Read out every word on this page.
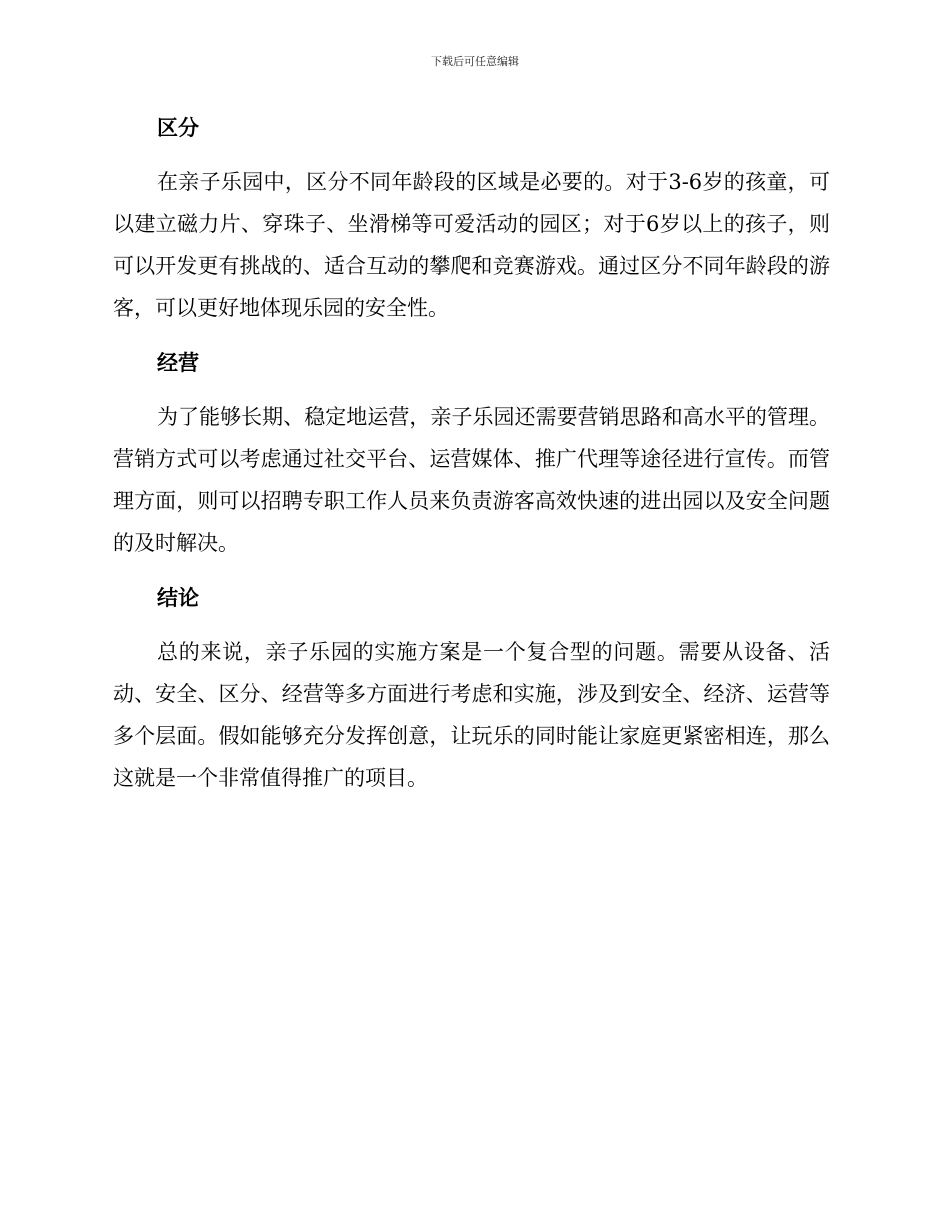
下载后可任意编辑
区分

在亲子乐园中，区分不同年龄段的区域是必要的。对于3-6岁的孩童，可以建立磁力片、穿珠子、坐滑梯等可爱活动的园区；对于6岁以上的孩子，则可以开发更有挑战的、适合互动的攀爬和竞赛游戏。通过区分不同年龄段的游客，可以更好地体现乐园的安全性。

经营

为了能够长期、稳定地运营，亲子乐园还需要营销思路和高水平的管理。营销方式可以考虑通过社交平台、运营媒体、推广代理等途径进行宣传。而管理方面，则可以招聘专职工作人员来负责游客高效快速的进出园以及安全问题的及时解决。

结论

总的来说，亲子乐园的实施方案是一个复合型的问题。需要从设备、活动、安全、区分、经营等多方面进行考虑和实施，涉及到安全、经济、运营等多个层面。假如能够充分发挥创意，让玩乐的同时能让家庭更紧密相连，那么这就是一个非常值得推广的项目。
